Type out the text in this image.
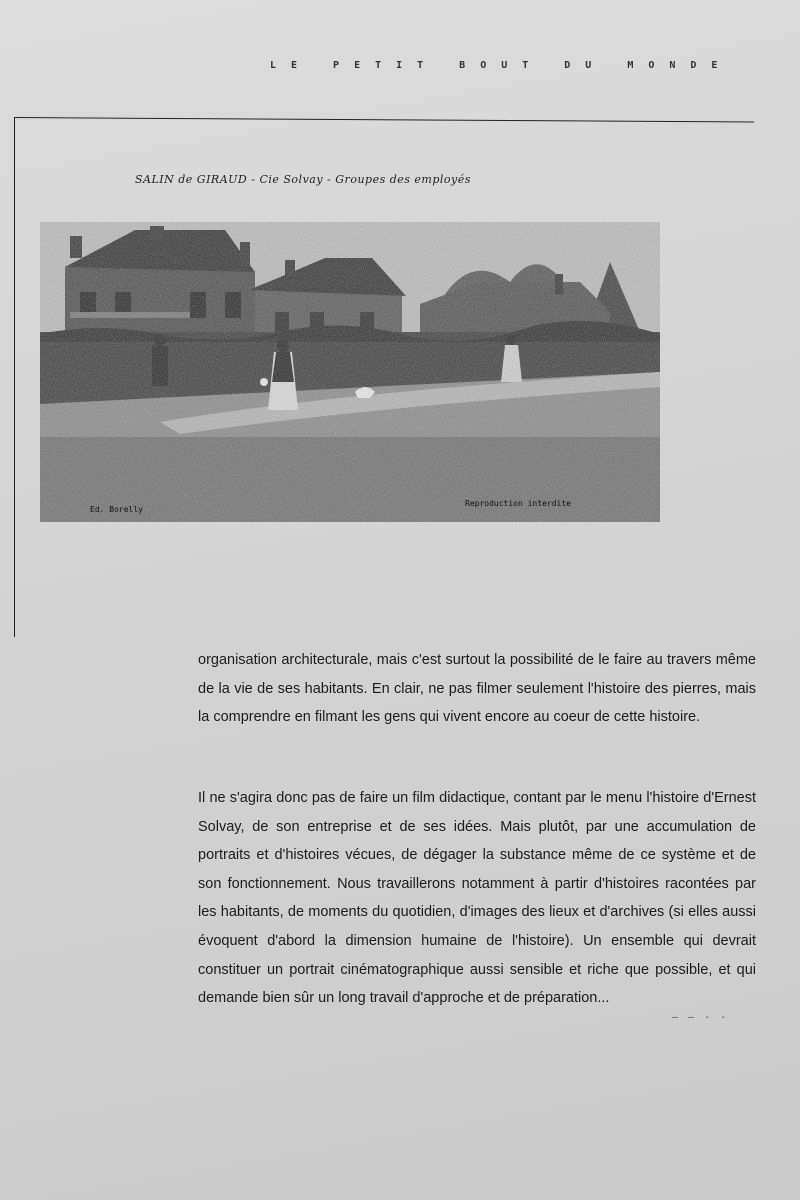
LE PETIT BOUT DU MONDE
SALIN de GIRAUD - Cie Solvay - Groupes des employés
Ed. Borelly
Reproduction interdite
organisation architecturale, mais c'est surtout la possibilité de le faire au travers même de la vie de ses habitants. En clair, ne pas filmer seulement l'histoire des pierres, mais la comprendre en filmant les gens qui vivent encore au coeur de cette histoire.
Il ne s'agira donc pas de faire un film didactique, contant par le menu l'histoire d'Ernest Solvay, de son entreprise et de ses idées. Mais plutôt, par une accumulation de portraits et d'histoires vécues, de dégager la substance même de ce système et de son fonctionnement. Nous travaillerons notamment à partir d'histoires racontées par les habitants, de moments du quotidien, d'images des lieux et d'archives (si elles aussi évoquent d'abord la dimension humaine de l'histoire). Un ensemble qui devrait constituer un portrait cinématographique aussi sensible et riche que possible, et qui demande bien sûr un long travail d'approche et de préparation...
— — - -
